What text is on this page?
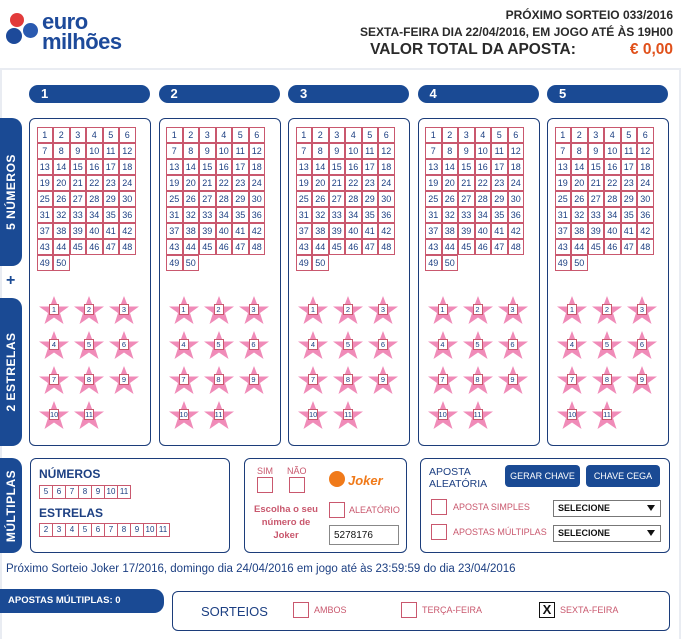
euro
milhões
PRÓXIMO SORTEIO 033/2016
SEXTA-FEIRA DIA 22/04/2016, EM JOGO ATÉ ÀS 19H00
VALOR TOTAL DA APOSTA:	€ 0,00
5 NÚMEROS
+
2 ESTRELAS
MÚLTIPLAS
1
1	2	3	4	5	6
7	8	9 10 11 12
13 14 15 16 17 18
19 20 21 22 23 24
25 26 27 28 29 30
31 32 33 34 35 36
37 38 39 40 41 42
43 44 45 46 47 48
49 50
1	2	3
4	5	6
7	8	9
10	11
2
1	2	3	4	5	6
7	8	9 10 11 12
13 14 15 16 17 18
19 20 21 22 23 24
25 26 27 28 29 30
31 32 33 34 35 36
37 38 39 40 41 42
43 44 45 46 47 48
49 50
1	2	3
4	5	6
7	8	9
10	11
3
1	2	3	4	5	6
7	8	9 10 11 12
13 14 15 16 17 18
19 20 21 22 23 24
25 26 27 28 29 30
31 32 33 34 35 36
37 38 39 40 41 42
43 44 45 46 47 48
49 50
1	2	3
4	5	6
7	8	9
10	11
4
1	2	3	4	5	6
7	8	9 10 11 12
13 14 15 16 17 18
19 20 21 22 23 24
25 26 27 28 29 30
31 32 33 34 35 36
37 38 39 40 41 42
43 44 45 46 47 48
49 50
1	2	3
4	5	6
7	8	9
10	11
5
1	2	3	4	5	6
7	8	9 10 11 12
13 14 15 16 17 18
19 20 21 22 23 24
25 26 27 28 29 30
31 32 33 34 35 36
37 38 39 40 41 42
43 44 45 46 47 48
49 50
1	2	3
4	5	6
7	8	9
10	11
NÚMEROS
5 6 7 8 9 10 11
ESTRELAS
2 3 4 5 6 7 8 9 10 11
SIM NÃO
Joker
Escolha o seu número de Joker
ALEATÓRIO
5278176
APOSTA ALEATÓRIA
GERAR CHAVE	CHAVE CEGA
APOSTA SIMPLES	SELECIONE
APOSTAS MÚLTIPLAS	SELECIONE
Próximo Sorteio Joker 17/2016, domingo dia 24/04/2016 em jogo até às 23:59:59 do dia 23/04/2016
APOSTAS MÚLTIPLAS: 0
SORTEIOS	AMBOS	TERÇA-FEIRA	X SEXTA-FEIRA
